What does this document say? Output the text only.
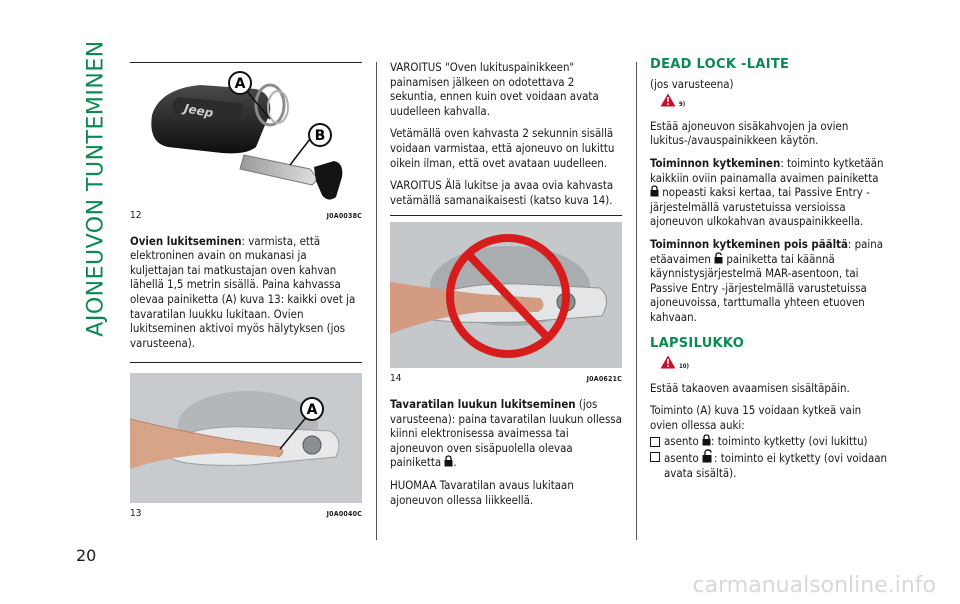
AJONEUVON TUNTEMINEN
20
Jeep
A
B
12	J0A0038C

Ovien lukitseminen: varmista, että elektroninen avain on mukanasi ja kuljettajan tai matkustajan oven kahvan lähellä 1,5 metrin sisällä. Paina kahvassa olevaa painiketta (A) kuva 13: kaikki ovet ja tavaratilan luukku lukitaan. Ovien lukitseminen aktivoi myös hälytyksen (jos varusteena).

A
13	J0A0040C

VAROITUS "Oven lukituspainikkeen" painamisen jälkeen on odotettava 2 sekuntia, ennen kuin ovet voidaan avata uudelleen kahvalla.

Vetämällä oven kahvasta 2 sekunnin sisällä voidaan varmistaa, että ajoneuvo on lukittu oikein ilman, että ovet avataan uudelleen.

VAROITUS Älä lukitse ja avaa ovia kahvasta vetämällä samanaikaisesti (katso kuva 14).

14	J0A0621C

Tavaratilan luukun lukitseminen (jos varusteena): paina tavaratilan luukun ollessa kiinni elektronisessa avaimessa tai ajoneuvon oven sisäpuolella olevaa painiketta .

HUOMAA Tavaratilan avaus lukitaan ajoneuvon ollessa liikkeellä.

DEAD LOCK -LAITE
(jos varusteena)
9)

Estää ajoneuvon sisäkahvojen ja ovien lukitus-/avauspainikkeen käytön.

Toiminnon kytkeminen: toiminto kytketään kaikkiin oviin painamalla avaimen painiketta  nopeasti kaksi kertaa, tai Passive Entry -järjestelmällä varustetuissa versioissa ajoneuvon ulkokahvan avauspainikkeella.

Toiminnon kytkeminen pois päältä: paina etäavaimen painiketta tai käännä käynnistysjärjestelmä MAR-asentoon, tai Passive Entry -järjestelmällä varustetuissa ajoneuvoissa, tarttumalla yhteen etuoven kahvaan.

LAPSILUKKO
10)

Estää takaoven avaamisen sisältäpäin.

Toiminto (A) kuva 15 voidaan kytkeä vain ovien ollessa auki:

asento : toiminto kytketty (ovi lukittu)
asento : toiminto ei kytketty (ovi voidaan avata sisältä).
carmanualsonline.info
